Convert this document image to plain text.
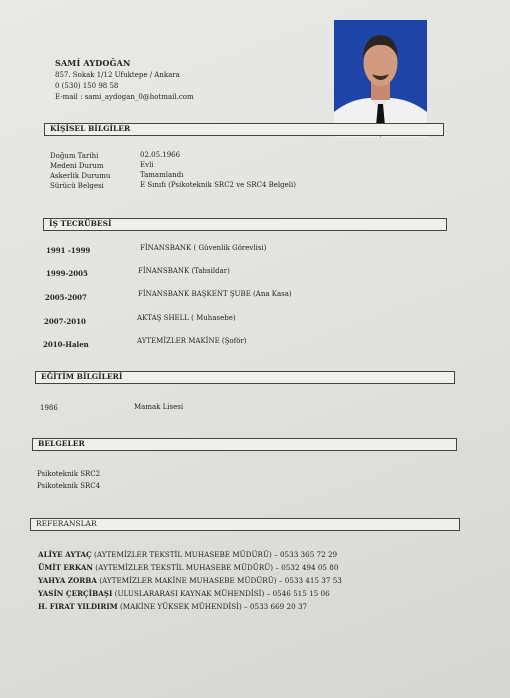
SAMİ AYDOĞAN
857. Sokak 1/12 Ufuktepe / Ankara
0 (530) 150 98 58
E-mail : sami_aydogan_0@hotmail.com
KİŞİSEL BİLGİLER
Doğum Tarihi	02.05.1966
Medeni Durum	Evli
Askerlik Durumu	Tamamlandı
Sürücü Belgesi	E Sınıfı (Psikoteknik SRC2 ve SRC4 Belgeli)
İŞ TECRÜBESİ
1991 -1999	FİNANSBANK ( Güvenlik Görevlisi)
1999-2005	FİNANSBANK (Tahsildar)
2005-2007	FİNANSBANK BAŞKENT ŞUBE (Ana Kasa)
2007-2010	AKTAŞ SHELL ( Muhasebe)
2010-Halen	AYTEMİZLER MAKİNE (Şoför)
EĞİTİM BİLGİLERİ
1986	Mamak Lisesi
BELGELER
Psikoteknik SRC2
Psikoteknik SRC4
REFERANSLAR
ALİYE AYTAÇ (AYTEMİZLER TEKSTİL MUHASEBE MÜDÜRÜ) – 0533 365 72 29
ÜMİT ERKAN (AYTEMİZLER TEKSTİL MUHASEBE MÜDÜRÜ) – 0532 494 05 80
YAHYA ZORBA (AYTEMİZLER MAKİNE MUHASEBE MÜDÜRÜ) – 0533 415 37 53
YASİN ÇERÇİBAŞI (ULUSLARARASI KAYNAK MÜHENDİSİ) – 0546 515 15 06
H. FIRAT YILDIRIM (MAKİNE YÜKSEK MÜHENDİSİ) – 0533 669 20 37
